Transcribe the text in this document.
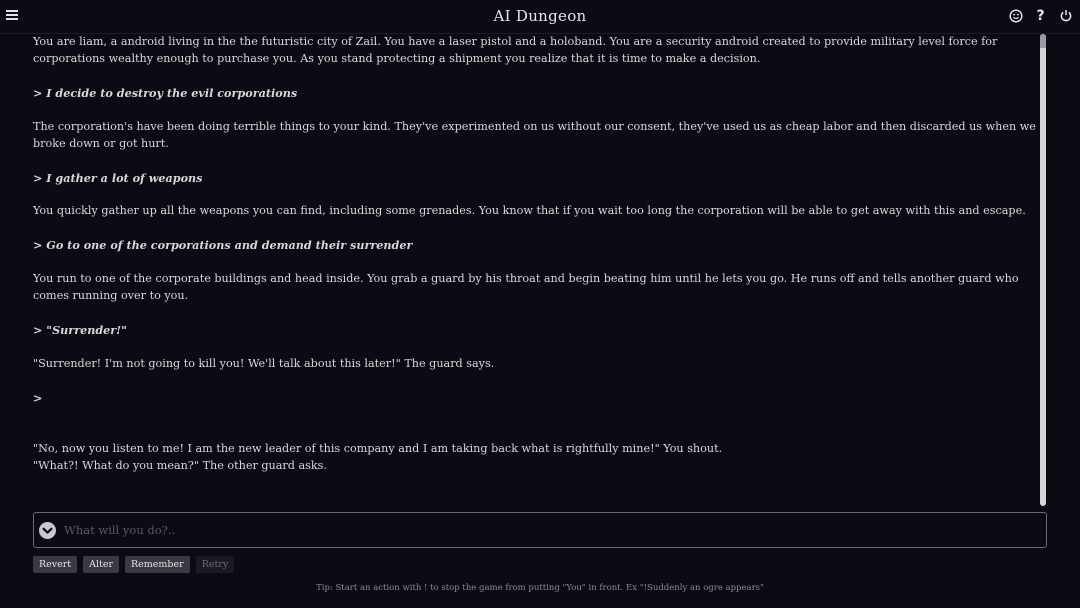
AI Dungeon	?

You are liam, a android living in the the futuristic city of Zail. You have a laser pistol and a holoband. You are a security android created to provide military level force for corporations wealthy enough to purchase you. As you stand protecting a shipment you realize that it is time to make a decision.

> I decide to destroy the evil corporations

The corporation's have been doing terrible things to your kind. They've experimented on us without our consent, they've used us as cheap labor and then discarded us when we broke down or got hurt.

> I gather a lot of weapons

You quickly gather up all the weapons you can find, including some grenades. You know that if you wait too long the corporation will be able to get away with this and escape.

> Go to one of the corporations and demand their surrender

You run to one of the corporate buildings and head inside. You grab a guard by his throat and begin beating him until he lets you go. He runs off and tells another guard who comes running over to you.

> "Surrender!"

"Surrender! I'm not going to kill you! We'll talk about this later!" The guard says.

>

"No, now you listen to me! I am the new leader of this company and I am taking back what is rightfully mine!" You shout.

"What?! What do you mean?" The other guard asks.

What will you do?..
Revert	Alter	Remember	Retry
Tip: Start an action with ! to stop the game from putting "You" in front. Ex "!Suddenly an ogre appears"
